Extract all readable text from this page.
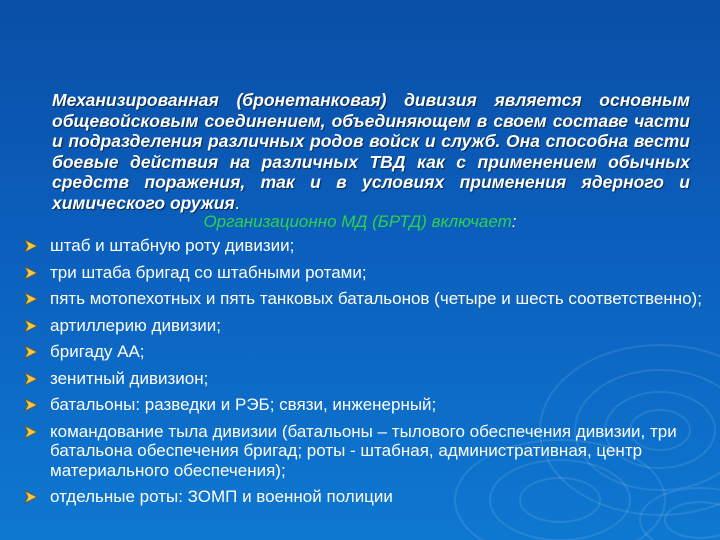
Механизированная (бронетанковая) дивизия является основным общевойсковым соединением, объединяющем в своем составе части и подразделения различных родов войск и служб. Она способна вести боевые действия на различных ТВД как с применением обычных средств поражения, так и в условиях применения ядерного и химического оружия.

Организационно МД (БРТД) включает:

штаб и штабную роту дивизии;
три штаба бригад со штабными ротами;
пять мотопехотных и пять танковых батальонов (четыре и шесть соответственно);
артиллерию дивизии;
бригаду АА;
зенитный дивизион;
батальоны: разведки и РЭБ; связи, инженерный;
командование тыла дивизии (батальоны – тылового обеспечения дивизии, три батальона обеспечения бригад; роты - штабная, административная, центр материального обеспечения);
отдельные роты: ЗОМП и военной полиции
